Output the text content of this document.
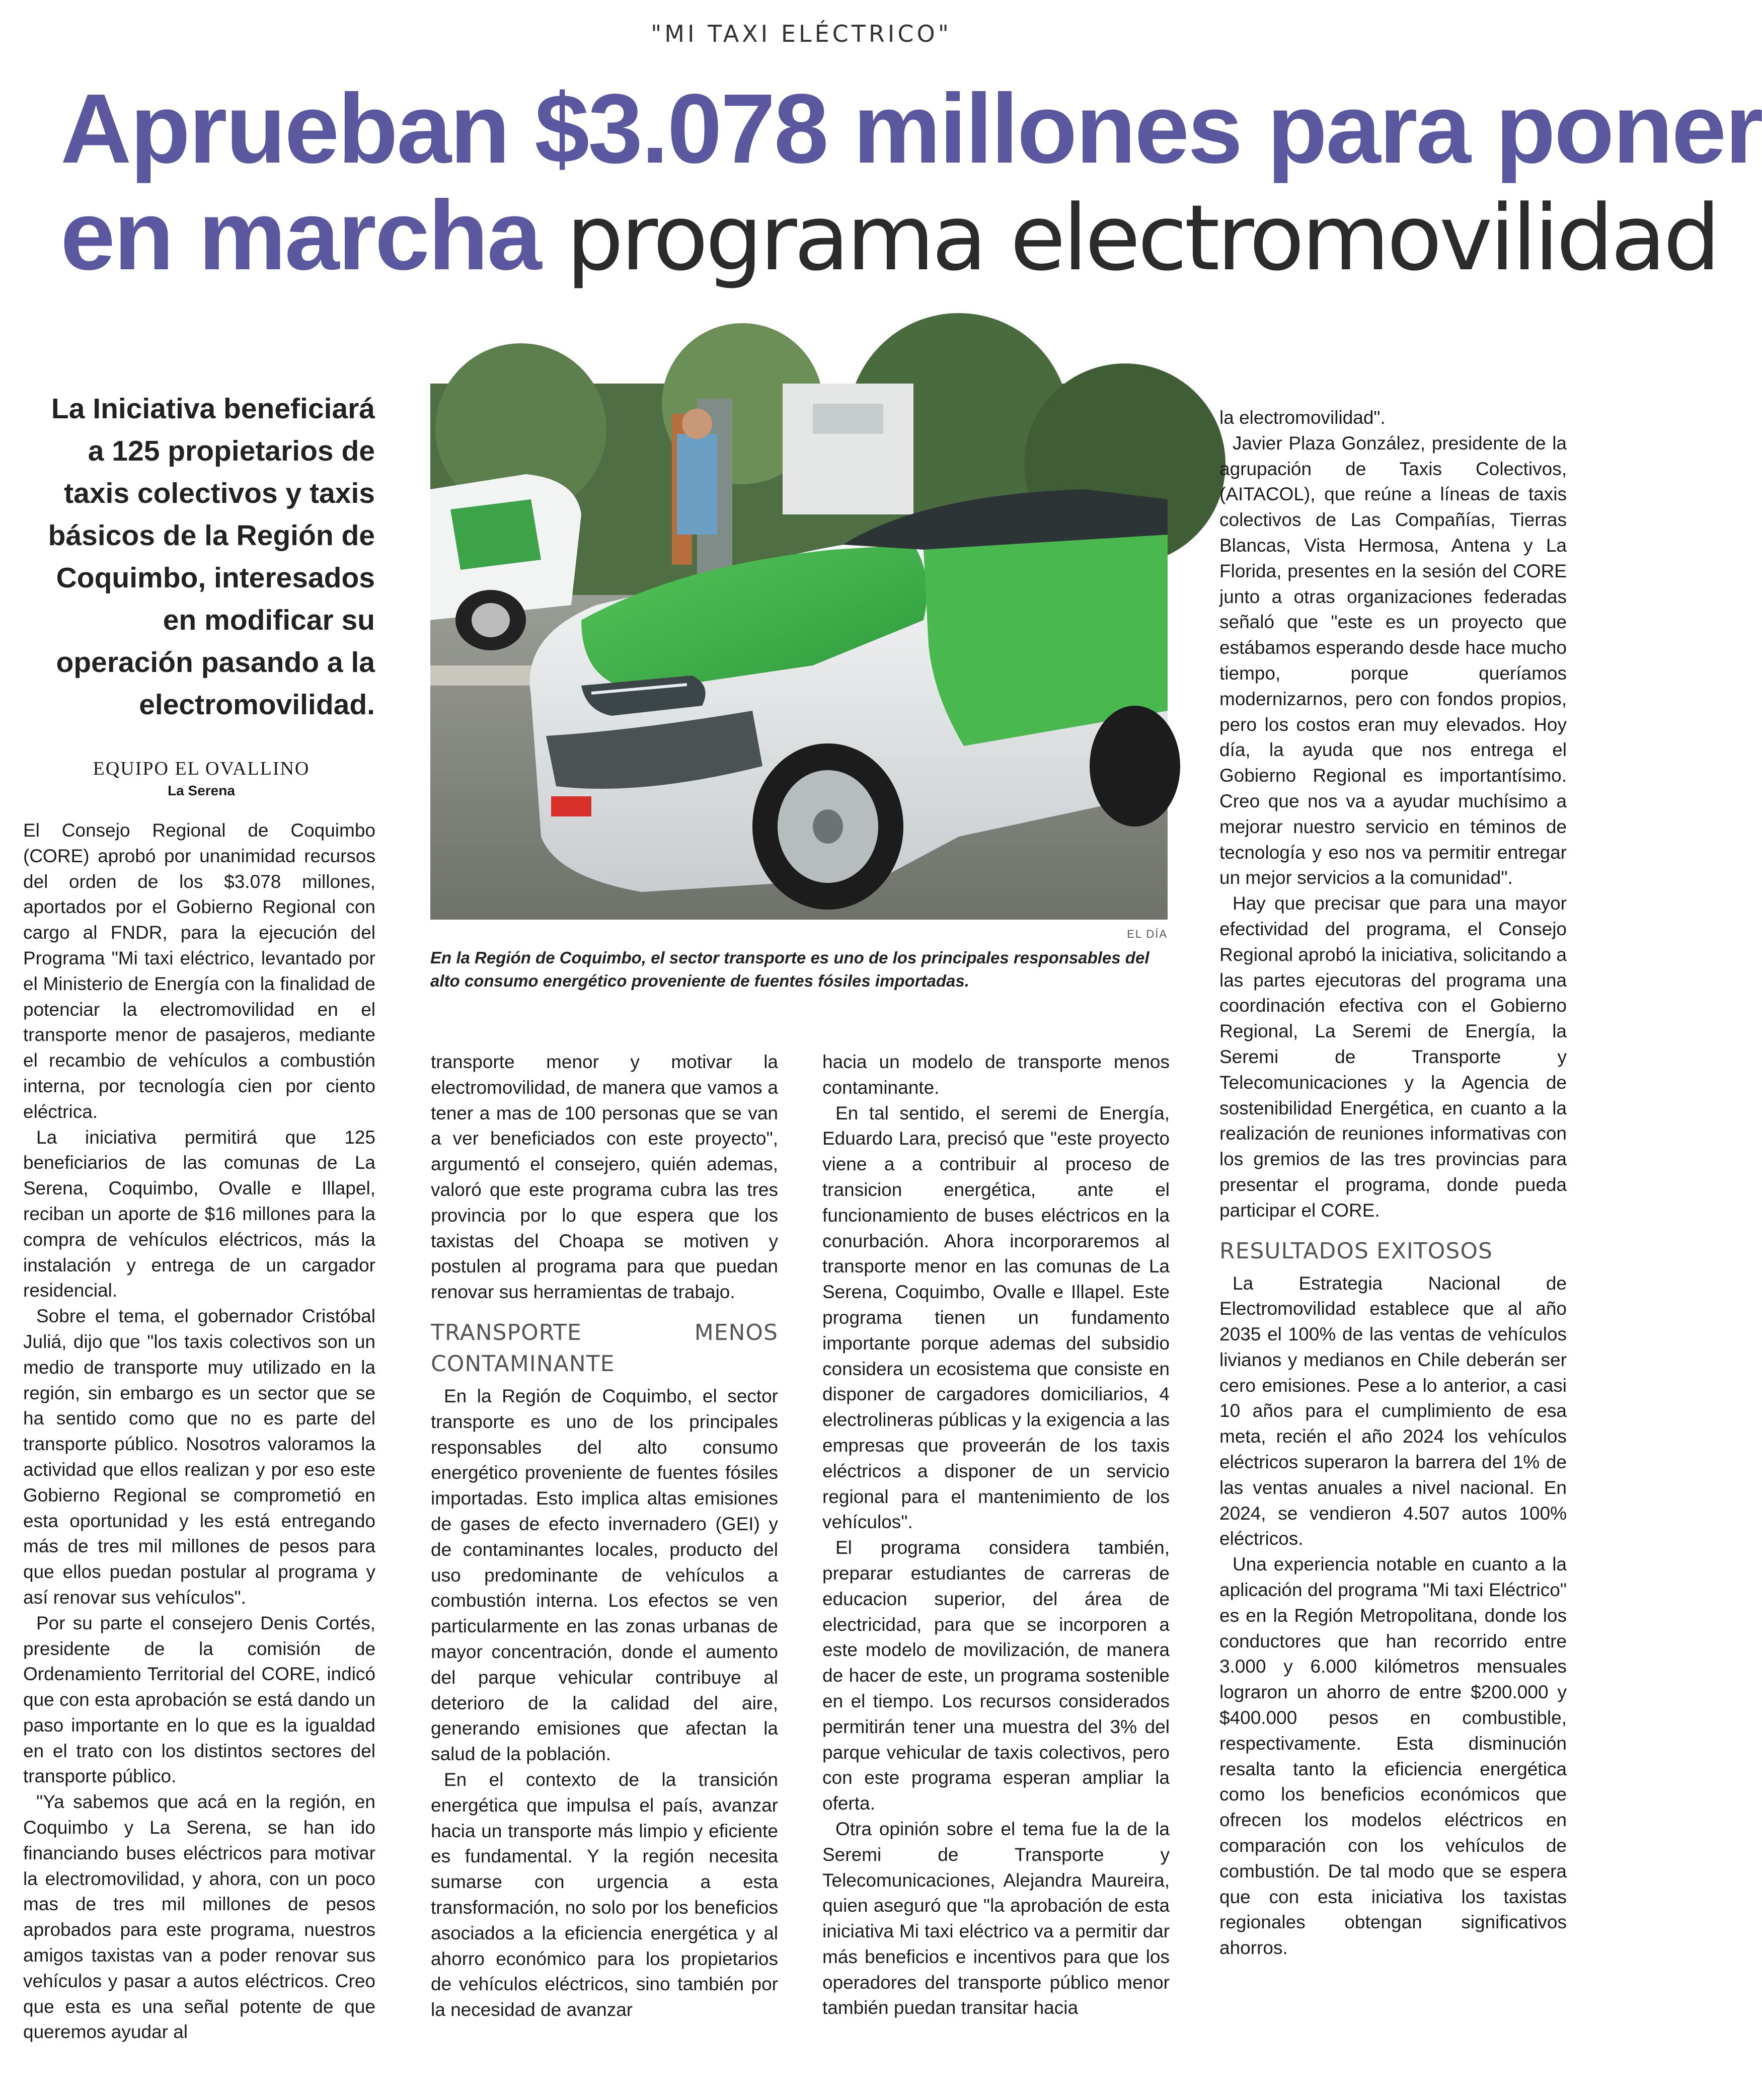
"MI TAXI ELÉCTRICO"
Aprueban $3.078 millones para poner
en marcha programa electromovilidad
La Iniciativa beneficiará a 125 propietarios de taxis colectivos y taxis básicos de la Región de Coquimbo, interesados en modificar su operación pasando a la electromovilidad.
EQUIPO EL OVALLINO
La Serena
EL DÍA
En la Región de Coquimbo, el sector transporte es uno de los principales responsables del alto consumo energético proveniente de fuentes fósiles importadas.

El Consejo Regional de Coquimbo (CORE) aprobó por unanimidad recursos del orden de los $3.078 millones, aportados por el Gobierno Regional con cargo al FNDR, para la ejecución del Programa "Mi taxi eléctrico, levantado por el Ministerio de Energía con la finalidad de potenciar la electromovilidad en el transporte menor de pasajeros, mediante el recambio de vehículos a combustión interna, por tecnología cien por ciento eléctrica.

La iniciativa permitirá que 125 beneficiarios de las comunas de La Serena, Coquimbo, Ovalle e Illapel, reciban un aporte de $16 millones para la compra de vehículos eléctricos, más la instalación y entrega de un cargador residencial.

Sobre el tema, el gobernador Cristóbal Juliá, dijo que "los taxis colectivos son un medio de transporte muy utilizado en la región, sin embargo es un sector que se ha sentido como que no es parte del transporte público. Nosotros valoramos la actividad que ellos realizan y por eso este Gobierno Regional se comprometió en esta oportunidad y les está entregando más de tres mil millones de pesos para que ellos puedan postular al programa y así renovar sus vehículos".

Por su parte el consejero Denis Cortés, presidente de la comisión de Ordenamiento Territorial del CORE, indicó que con esta aprobación se está dando un paso importante en lo que es la igualdad en el trato con los distintos sectores del transporte público.

"Ya sabemos que acá en la región, en Coquimbo y La Serena, se han ido financiando buses eléctricos para motivar la electromovilidad, y ahora, con un poco mas de tres mil millones de pesos aprobados para este programa, nuestros amigos taxistas van a poder renovar sus vehículos y pasar a autos eléctricos. Creo que esta es una señal potente de que queremos ayudar al

transporte menor y motivar la electromovilidad, de manera que vamos a tener a mas de 100 personas que se van a ver beneficiados con este proyecto", argumentó el consejero, quién ademas, valoró que este programa cubra las tres provincia por lo que espera que los taxistas del Choapa se motiven y postulen al programa para que puedan renovar sus herramientas de trabajo.

TRANSPORTE MENOS CONTAMINANTE

En la Región de Coquimbo, el sector transporte es uno de los principales responsables del alto consumo energético proveniente de fuentes fósiles importadas. Esto implica altas emisiones de gases de efecto invernadero (GEI) y de contaminantes locales, producto del uso predominante de vehículos a combustión interna. Los efectos se ven particularmente en las zonas urbanas de mayor concentración, donde el aumento del parque vehicular contribuye al deterioro de la calidad del aire, generando emisiones que afectan la salud de la población.

En el contexto de la transición energética que impulsa el país, avanzar hacia un transporte más limpio y eficiente es fundamental. Y la región necesita sumarse con urgencia a esta transformación, no solo por los beneficios asociados a la eficiencia energética y al ahorro económico para los propietarios de vehículos eléctricos, sino también por la necesidad de avanzar

hacia un modelo de transporte menos contaminante.

En tal sentido, el seremi de Energía, Eduardo Lara, precisó que "este proyecto viene a a contribuir al proceso de transicion energética, ante el funcionamiento de buses eléctricos en la conurbación. Ahora incorporaremos al transporte menor en las comunas de La Serena, Coquimbo, Ovalle e Illapel. Este programa tienen un fundamento importante porque ademas del subsidio considera un ecosistema que consiste en disponer de cargadores domiciliarios, 4 electrolineras públicas y la exigencia a las empresas que proveerán de los taxis eléctricos a disponer de un servicio regional para el mantenimiento de los vehículos".

El programa considera también, preparar estudiantes de carreras de educacion superior, del área de electricidad, para que se incorporen a este modelo de movilización, de manera de hacer de este, un programa sostenible en el tiempo. Los recursos considerados permitirán tener una muestra del 3% del parque vehicular de taxis colectivos, pero con este programa esperan ampliar la oferta.

Otra opinión sobre el tema fue la de la Seremi de Transporte y Telecomunicaciones, Alejandra Maureira, quien aseguró que "la aprobación de esta iniciativa Mi taxi eléctrico va a permitir dar más beneficios e incentivos para que los operadores del transporte público menor también puedan transitar hacia

la electromovilidad".

Javier Plaza González, presidente de la agrupación de Taxis Colectivos, (AITACOL), que reúne a líneas de taxis colectivos de Las Compañías, Tierras Blancas, Vista Hermosa, Antena y La Florida, presentes en la sesión del CORE junto a otras organizaciones federadas señaló que "este es un proyecto que estábamos esperando desde hace mucho tiempo, porque queríamos modernizarnos, pero con fondos propios, pero los costos eran muy elevados. Hoy día, la ayuda que nos entrega el Gobierno Regional es importantísimo. Creo que nos va a ayudar muchísimo a mejorar nuestro servicio en téminos de tecnología y eso nos va permitir entregar un mejor servicios a la comunidad".

Hay que precisar que para una mayor efectividad del programa, el Consejo Regional aprobó la iniciativa, solicitando a las partes ejecutoras del programa una coordinación efectiva con el Gobierno Regional, La Seremi de Energía, la Seremi de Transporte y Telecomunicaciones y la Agencia de sostenibilidad Energética, en cuanto a la realización de reuniones informativas con los gremios de las tres provincias para presentar el programa, donde pueda participar el CORE.

RESULTADOS EXITOSOS

La Estrategia Nacional de Electromovilidad establece que al año 2035 el 100% de las ventas de vehículos livianos y medianos en Chile deberán ser cero emisiones. Pese a lo anterior, a casi 10 años para el cumplimiento de esa meta, recién el año 2024 los vehículos eléctricos superaron la barrera del 1% de las ventas anuales a nivel nacional. En 2024, se vendieron 4.507 autos 100% eléctricos.

Una experiencia notable en cuanto a la aplicación del programa "Mi taxi Eléctrico" es en la Región Metropolitana, donde los conductores que han recorrido entre 3.000 y 6.000 kilómetros mensuales lograron un ahorro de entre $200.000 y $400.000 pesos en combustible, respectivamente. Esta disminución resalta tanto la eficiencia energética como los beneficios económicos que ofrecen los modelos eléctricos en comparación con los vehículos de combustión. De tal modo que se espera que con esta iniciativa los taxistas regionales obtengan significativos ahorros.
